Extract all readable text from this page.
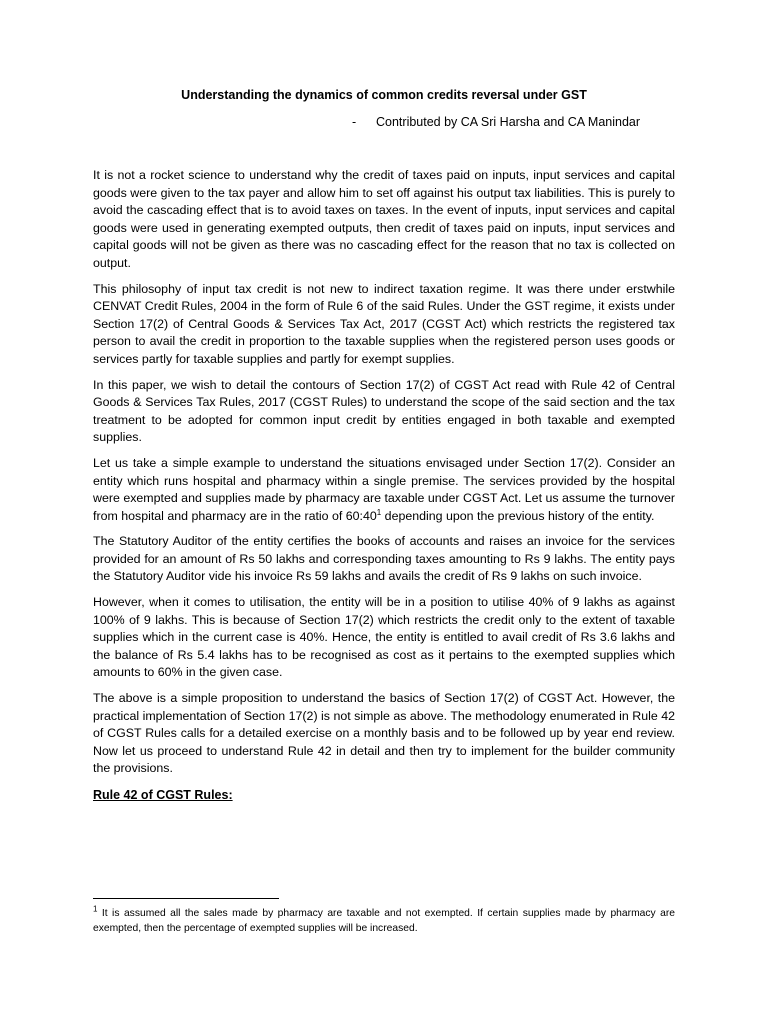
Understanding the dynamics of common credits reversal under GST
- Contributed by CA Sri Harsha and CA Manindar

It is not a rocket science to understand why the credit of taxes paid on inputs, input services and capital goods were given to the tax payer and allow him to set off against his output tax liabilities. This is purely to avoid the cascading effect that is to avoid taxes on taxes. In the event of inputs, input services and capital goods were used in generating exempted outputs, then credit of taxes paid on inputs, input services and capital goods will not be given as there was no cascading effect for the reason that no tax is collected on output.

This philosophy of input tax credit is not new to indirect taxation regime. It was there under erstwhile CENVAT Credit Rules, 2004 in the form of Rule 6 of the said Rules. Under the GST regime, it exists under Section 17(2) of Central Goods & Services Tax Act, 2017 (CGST Act) which restricts the registered tax person to avail the credit in proportion to the taxable supplies when the registered person uses goods or services partly for taxable supplies and partly for exempt supplies.

In this paper, we wish to detail the contours of Section 17(2) of CGST Act read with Rule 42 of Central Goods & Services Tax Rules, 2017 (CGST Rules) to understand the scope of the said section and the tax treatment to be adopted for common input credit by entities engaged in both taxable and exempted supplies.

Let us take a simple example to understand the situations envisaged under Section 17(2). Consider an entity which runs hospital and pharmacy within a single premise. The services provided by the hospital were exempted and supplies made by pharmacy are taxable under CGST Act. Let us assume the turnover from hospital and pharmacy are in the ratio of $60:40^1$ depending upon the previous history of the entity.

The Statutory Auditor of the entity certifies the books of accounts and raises an invoice for the services provided for an amount of Rs 50 lakhs and corresponding taxes amounting to Rs 9 lakhs. The entity pays the Statutory Auditor vide his invoice Rs 59 lakhs and avails the credit of Rs 9 lakhs on such invoice.

However, when it comes to utilisation, the entity will be in a position to utilise 40% of 9 lakhs as against 100% of 9 lakhs. This is because of Section 17(2) which restricts the credit only to the extent of taxable supplies which in the current case is 40%. Hence, the entity is entitled to avail credit of Rs 3.6 lakhs and the balance of Rs 5.4 lakhs has to be recognised as cost as it pertains to the exempted supplies which amounts to 60% in the given case.

The above is a simple proposition to understand the basics of Section 17(2) of CGST Act. However, the practical implementation of Section 17(2) is not simple as above. The methodology enumerated in Rule 42 of CGST Rules calls for a detailed exercise on a monthly basis and to be followed up by year end review. Now let us proceed to understand Rule 42 in detail and then try to implement for the builder community the provisions.

Rule 42 of CGST Rules:
$^1$ It is assumed all the sales made by pharmacy are taxable and not exempted. If certain supplies made by pharmacy are exempted, then the percentage of exempted supplies will be increased.
